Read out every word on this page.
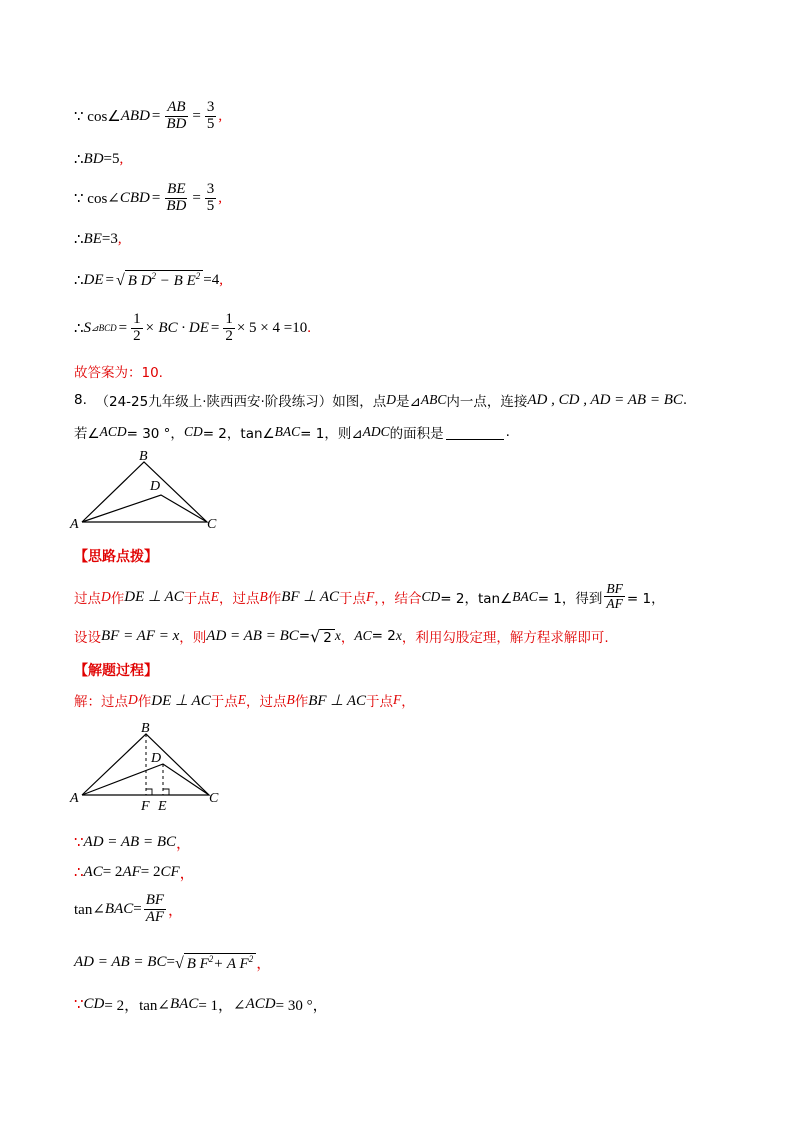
∵ cos∠ ABD = $\frac{AB}{BD} = \frac{3}{5}$ ,
∴ BD =5 ,
∵ cos∠ CBD = $\frac{BE}{BD} = \frac{3}{5}$ ,
∴ BE =3 ,
∴ DE = √ B $D^2 - B$ $E^2 =4$ ,
∴ S ⊿BCD = $\frac{1}{2}$ × BC ·
DE = $\frac{1}{2} \times 5 \times 4 =10$ .
故答案为：10.
8.
（24-25九年级上·陕西西安·阶段练习） 如图，点 D 是⊿ ABC 内一点，连接 AD , CD , AD = AB = BC .
若∠ ACD = 30 °， CD = 2，tan∠ BAC = 1，则⊿ ADC 的面积是	.
A
B
C
D
【思路点拨】
过点 D 作 DE ⊥ AC 于点 E ，过点 B 作 BF ⊥ AC 于点 F ，，结合 CD = 2，tan∠ BAC = 1，得到 $\frac{BF}{AF} = 1$，
设设 BF = AF = x ，则 AD = AB = BC = √ 2 x ， AC = 2 x ，利用勾股定理，解方程求解即可.
【解题过程】
解：过点 D 作 DE ⊥ AC 于点 E ，过点 B 作 BF ⊥ AC 于点 F ，
A
B
C
D
F E
∵ AD = AB = BC ，
∴ AC = 2 AF = 2 CF ，
tan∠ BAC = $\frac{BF}{AF}$ ，
AD = AB = BC = √ B $F^2+ A$ $F^2$ ，
∵ CD = 2，tan∠ BAC = 1，∠ ACD = 30 °，
